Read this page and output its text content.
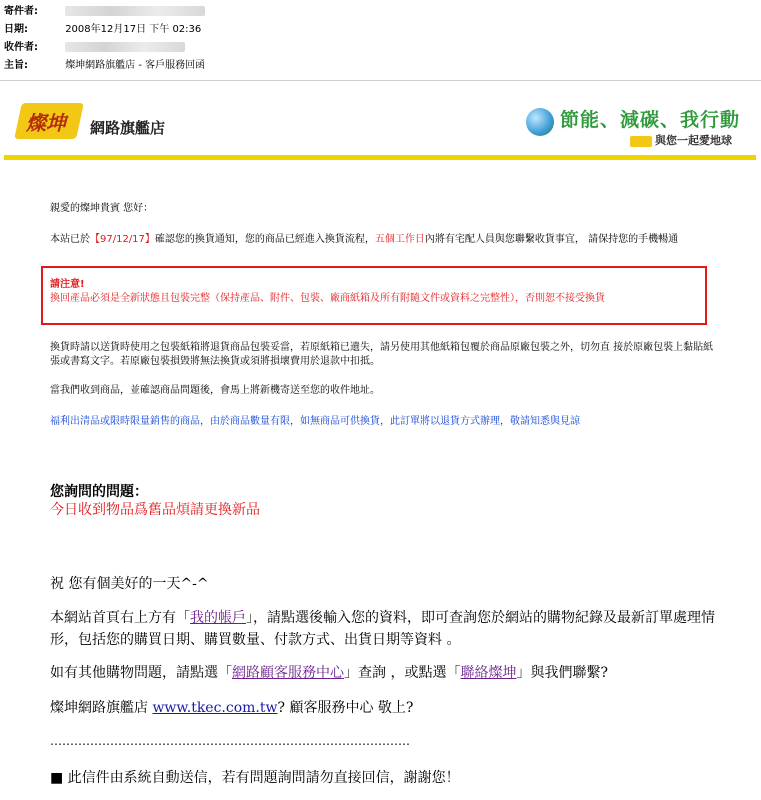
寄件者:
日期:	2008年12月17日 下午 02:36
收件者:
主旨:	燦坤網路旗艦店 - 客戶服務回函
燦坤 網路旗艦店	節能、減碳、我行動
與您一起愛地球
親愛的燦坤貴賓 您好：
本站已於【97/12/17】確認您的換貨通知，您的商品已經進入換貨流程，五個工作日內將有宅配人員與您聯繫收貨事宜， 請保持您的手機暢通
請注意!
換回產品必須是全新狀態且包裝完整（保持產品、附件、包裝、廠商紙箱及所有附隨文件或資料之完整性），否則恕不接受換貨
換貨時請以送貨時使用之包裝紙箱將退貨商品包裝妥當，若原紙箱已遺失，請另使用其他紙箱包覆於商品原廠包裝之外，切勿直 接於原廠包裝上黏貼紙張或書寫文字。若原廠包裝損毀將無法換貨或須將損壞費用於退款中扣抵。
當我們收到商品，並確認商品問題後，會馬上將新機寄送至您的收件地址。
福利出清品或限時限量銷售的商品，由於商品數量有限，如無商品可供換貨，此訂單將以退貨方式辦理，敬請知悉與見諒
您詢問的問題：
今日收到物品爲舊品煩請更換新品
祝 您有個美好的一天^-^
本網站首頁右上方有「我的帳戶」，請點選後輸入您的資料，即可查詢您於網站的購物紀錄及最新訂單處理情形，包括您的購買日期、購買數量、付款方式、出貨日期等資料 。
如有其他購物問題，請點選「網路顧客服務中心」查詢 ，或點選「聯絡燦坤」與我們聯繫?
燦坤網路旗艦店 www.tkec.com.tw? 顧客服務中心 敬上?
………………………………………………………………………………
■ 此信件由系統自動送信，若有問題詢問請勿直接回信，謝謝您！
